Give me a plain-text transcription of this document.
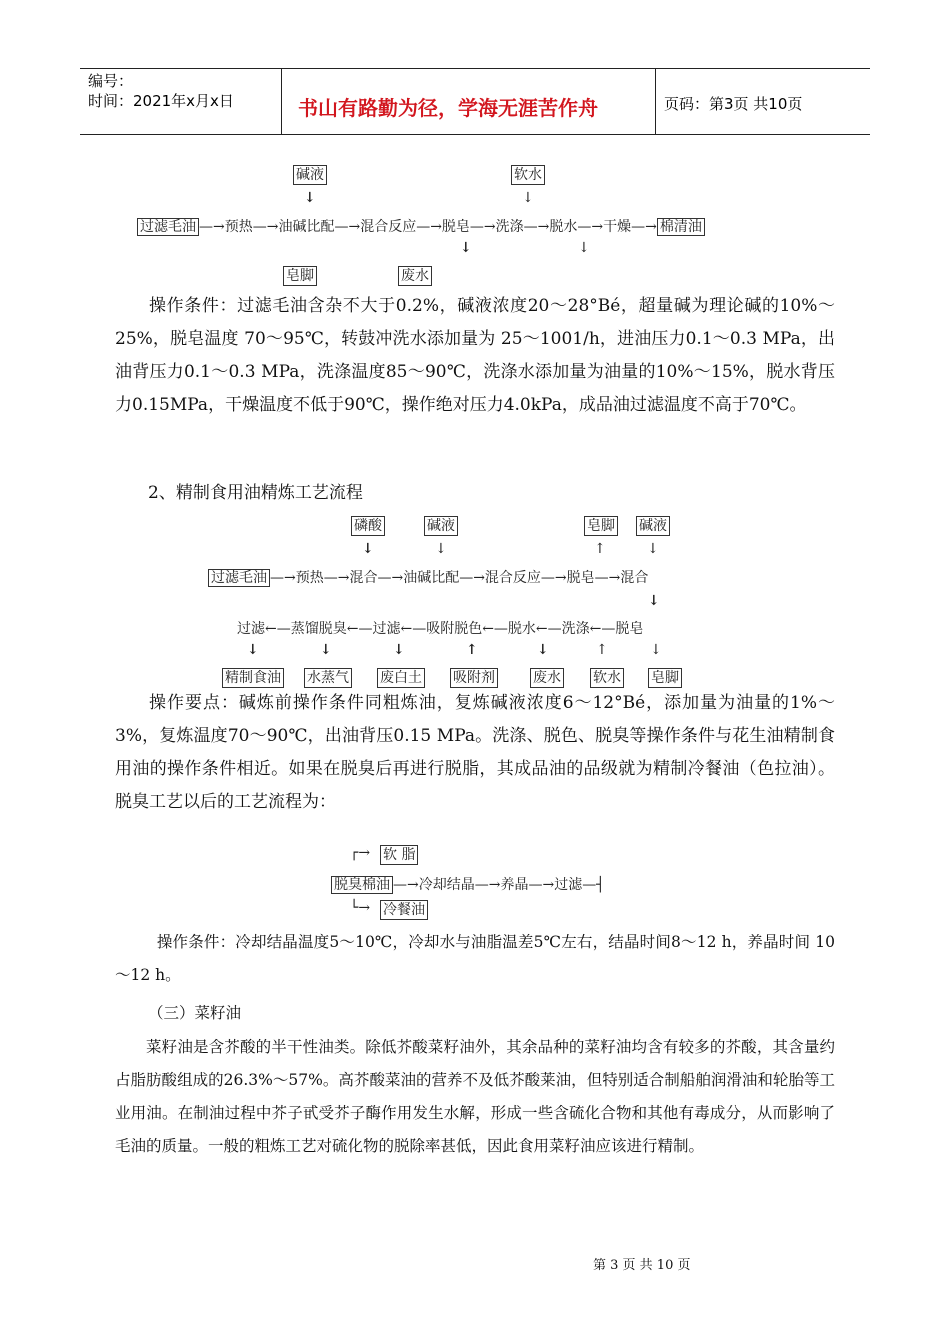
编号：
时间：2021年x月x日	书山有路勤为径，学海无涯苦作舟	页码：第3页 共10页
碱液	软水
↓	↓
过滤毛油 —→预热—→油碱比配—→混合反应—→脱皂—→洗涤—→脱水—→干燥—→ 棉清油
↓	↓
皂脚	废水
操作条件：过滤毛油含杂不大于0.2%，碱液浓度20～28°Bé，超量碱为理论碱的10%～25%，脱皂温度 70～95℃，转鼓冲洗水添加量为 25～1001/h，进油压力0.1～0.3 MPa，出油背压力0.1～0.3 MPa，洗涤温度85～90℃，洗涤水添加量为油量的10%～15%，脱水背压力0.15MPa，干燥温度不低于90℃，操作绝对压力4.0kPa，成品油过滤温度不高于70℃。
2、精制食用油精炼工艺流程
磷酸	碱液	皂脚 碱液
↓	↓	↑	↓
过滤毛油 —→预热—→混合—→油碱比配—→混合反应—→脱皂—→混合
↓
过滤←—蒸馏脱臭←—过滤←—吸附脱色←—脱水←—洗涤←—脱皂
↓	↓	↓	↑	↓	↑	↓
精制食油 水蒸气 废白土 吸附剂	废水 软水 皂脚
操作要点：碱炼前操作条件同粗炼油，复炼碱液浓度6～12°Bé，添加量为油量的1%～3%，复炼温度70～90℃，出油背压0.15 MPa。洗涤、脱色、脱臭等操作条件与花生油精制食用油的操作条件相近。如果在脱臭后再进行脱脂，其成品油的品级就为精制冷餐油（色拉油）。脱臭工艺以后的工艺流程为：
┌→ 软 脂
脱臭棉油 —→冷却结晶—→养晶—→过滤—┤
└→ 冷餐油
操作条件：冷却结晶温度5～10℃，冷却水与油脂温差5℃左右，结晶时间8～12 h，养晶时间 10～12 h。
（三）菜籽油
菜籽油是含芥酸的半干性油类。除低芥酸菜籽油外，其余品种的菜籽油均含有较多的芥酸，其含量约占脂肪酸组成的26.3%～57%。高芥酸菜油的营养不及低芥酸莱油，但特别适合制船舶润滑油和轮胎等工业用油。在制油过程中芥子甙受芥子酶作用发生水解，形成一些含硫化合物和其他有毒成分，从而影响了毛油的质量。一般的粗炼工艺对硫化物的脱除率甚低，因此食用菜籽油应该进行精制。
第 3 页 共 10 页
